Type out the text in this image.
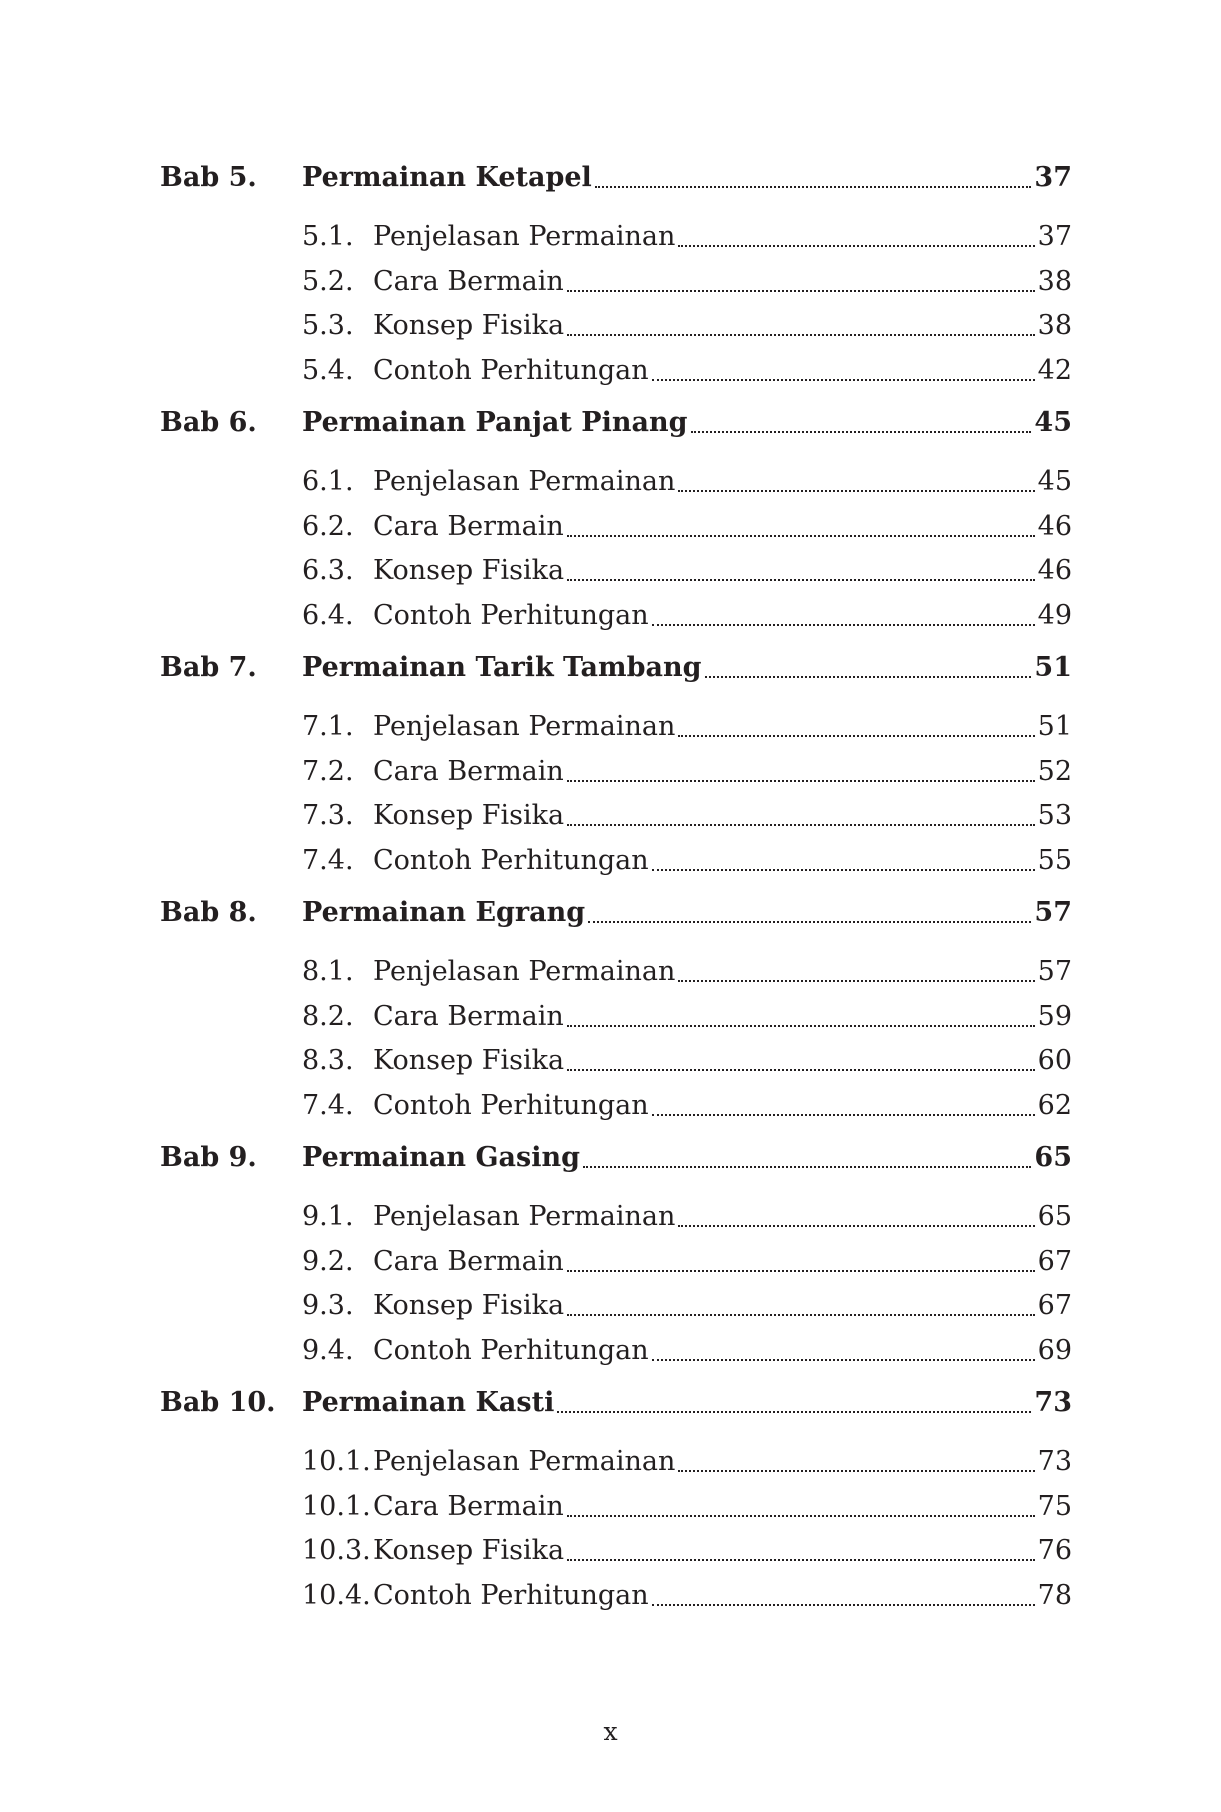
Bab 5. Permainan Ketapel	37
5.1. Penjelasan Permainan	37
5.2. Cara Bermain	38
5.3. Konsep Fisika	38
5.4. Contoh Perhitungan	42
Bab 6. Permainan Panjat Pinang	45
6.1. Penjelasan Permainan	45
6.2. Cara Bermain	46
6.3. Konsep Fisika	46
6.4. Contoh Perhitungan	49
Bab 7. Permainan Tarik Tambang	51
7.1. Penjelasan Permainan	51
7.2. Cara Bermain	52
7.3. Konsep Fisika	53
7.4. Contoh Perhitungan	55
Bab 8. Permainan Egrang	57
8.1. Penjelasan Permainan	57
8.2. Cara Bermain	59
8.3. Konsep Fisika	60
7.4. Contoh Perhitungan	62
Bab 9. Permainan Gasing	65
9.1. Penjelasan Permainan	65
9.2. Cara Bermain	67
9.3. Konsep Fisika	67
9.4. Contoh Perhitungan	69
Bab 10. Permainan Kasti	73
10.1. Penjelasan Permainan	73
10.1. Cara Bermain	75
10.3. Konsep Fisika	76
10.4. Contoh Perhitungan	78
x
